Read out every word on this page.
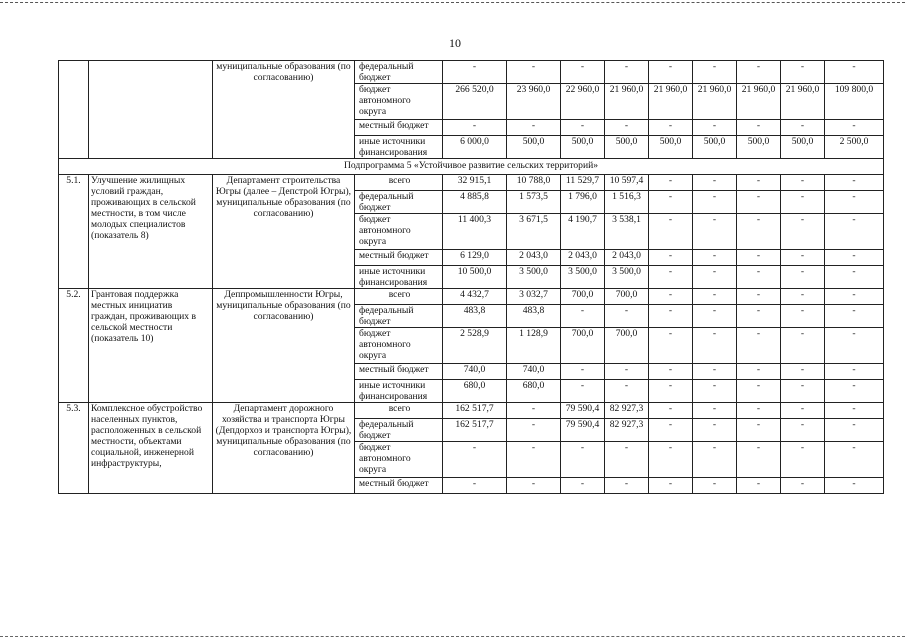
10
		муниципальные образования (по согласованию)	федеральный бюджет	-	-	-	-	-	-	-	-	-
			бюджет автономного округа	266 520,0	23 960,0	22 960,0	21 960,0	21 960,0	21 960,0	21 960,0	21 960,0	109 800,0
			местный бюджет	-	-	-	-	-	-	-	-	-
			иные источники финансирования	6 000,0	500,0	500,0	500,0	500,0	500,0	500,0	500,0	2 500,0
Подпрограмма 5 «Устойчивое развитие сельских территорий»												
5.1.	Улучшение жилищных условий граждан, проживающих в сельской местности, в том числе молодых специалистов (показатель 8)	Департамент строительства Югры (далее – Депстрой Югры), муниципальные образования (по согласованию)	всего	32 915,1	10 788,0	11 529,7	10 597,4	-	-	-	-	-
			федеральный бюджет	4 885,8	1 573,5	1 796,0	1 516,3	-	-	-	-	-
			бюджет автономного округа	11 400,3	3 671,5	4 190,7	3 538,1	-	-	-	-	-
			местный бюджет	6 129,0	2 043,0	2 043,0	2 043,0	-	-	-	-	-
			иные источники финансирования	10 500,0	3 500,0	3 500,0	3 500,0	-	-	-	-	-
5.2.	Грантовая поддержка местных инициатив граждан, проживающих в сельской местности (показатель 10)	Деппромышленности Югры, муниципальные образования (по согласованию)	всего	4 432,7	3 032,7	700,0	700,0	-	-	-	-	-
			федеральный бюджет	483,8	483,8	-	-	-	-	-	-	-
			бюджет автономного округа	2 528,9	1 128,9	700,0	700,0	-	-	-	-	-
			местный бюджет	740,0	740,0	-	-	-	-	-	-	-
			иные источники финансирования	680,0	680,0	-	-	-	-	-	-	-
5.3.	Комплексное обустройство населенных пунктов, расположенных в сельской местности, объектами социальной, инженерной инфраструктуры,	Департамент дорожного хозяйства и транспорта Югры (Депдорхоз и транспорта Югры), муниципальные образования (по согласованию)	всего	162 517,7	-	79 590,4	82 927,3	-	-	-	-	-
			федеральный бюджет	162 517,7	-	79 590,4	82 927,3	-	-	-	-	-
			бюджет автономного округа	-	-	-	-	-	-	-	-	-
			местный бюджет	-	-	-	-	-	-	-	-	-
